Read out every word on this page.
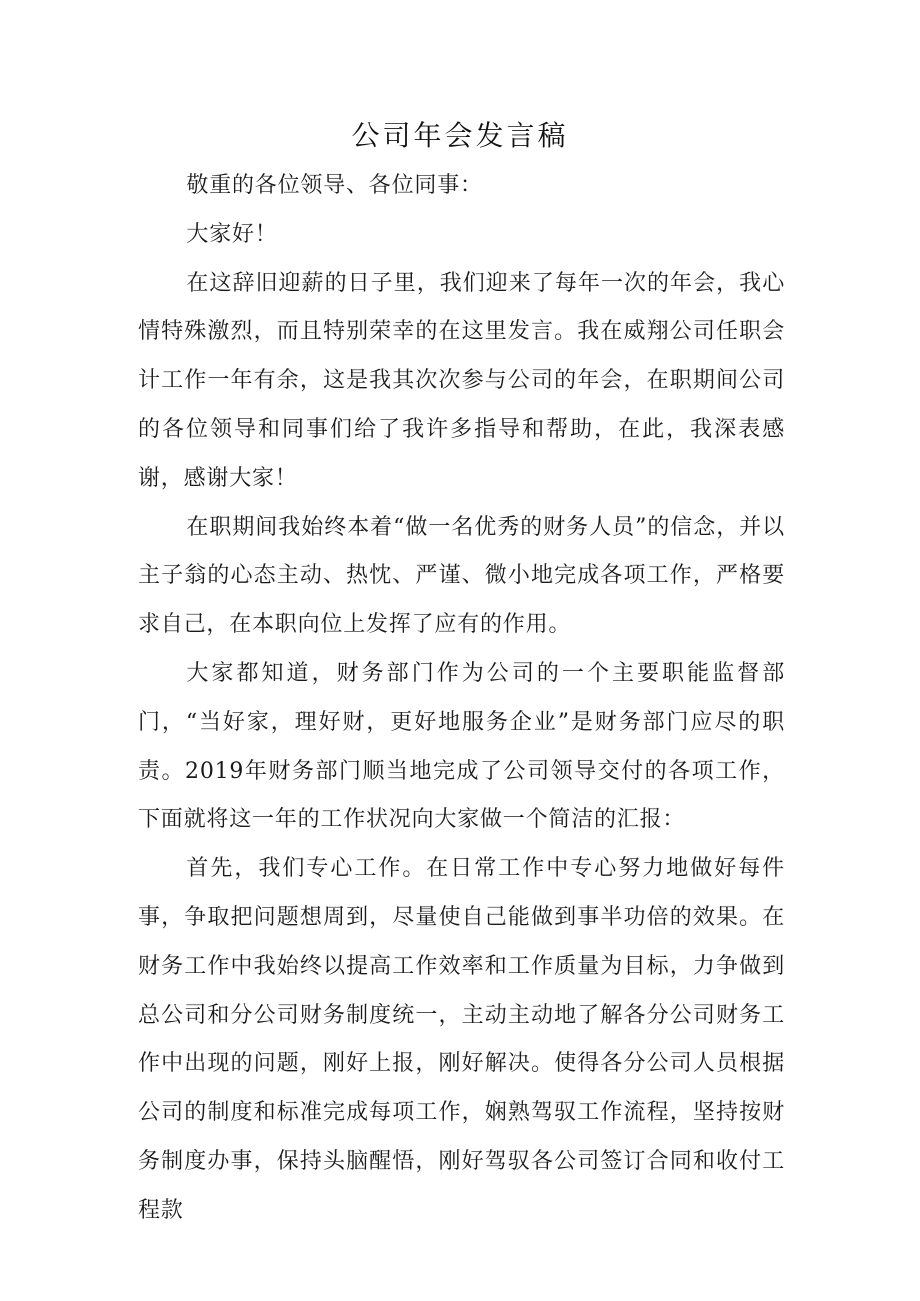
公司年会发言稿

敬重的各位领导、各位同事：

大家好！

在这辞旧迎薪的日子里，我们迎来了每年一次的年会，我心情特殊激烈，而且特别荣幸的在这里发言。我在威翔公司任职会计工作一年有余，这是我其次次参与公司的年会，在职期间公司的各位领导和同事们给了我许多指导和帮助，在此，我深表感谢，感谢大家！

在职期间我始终本着“做一名优秀的财务人员”的信念，并以主子翁的心态主动、热忱、严谨、微小地完成各项工作，严格要求自己，在本职向位上发挥了应有的作用。

大家都知道，财务部门作为公司的一个主要职能监督部门，“当好家，理好财，更好地服务企业”是财务部门应尽的职责。2019年财务部门顺当地完成了公司领导交付的各项工作，下面就将这一年的工作状况向大家做一个简洁的汇报：

首先，我们专心工作。在日常工作中专心努力地做好每件事，争取把问题想周到，尽量使自己能做到事半功倍的效果。在财务工作中我始终以提高工作效率和工作质量为目标，力争做到总公司和分公司财务制度统一，主动主动地了解各分公司财务工作中出现的问题，刚好上报，刚好解决。使得各分公司人员根据公司的制度和标准完成每项工作，娴熟驾驭工作流程，坚持按财务制度办事，保持头脑醒悟，刚好驾驭各公司签订合同和收付工程款
